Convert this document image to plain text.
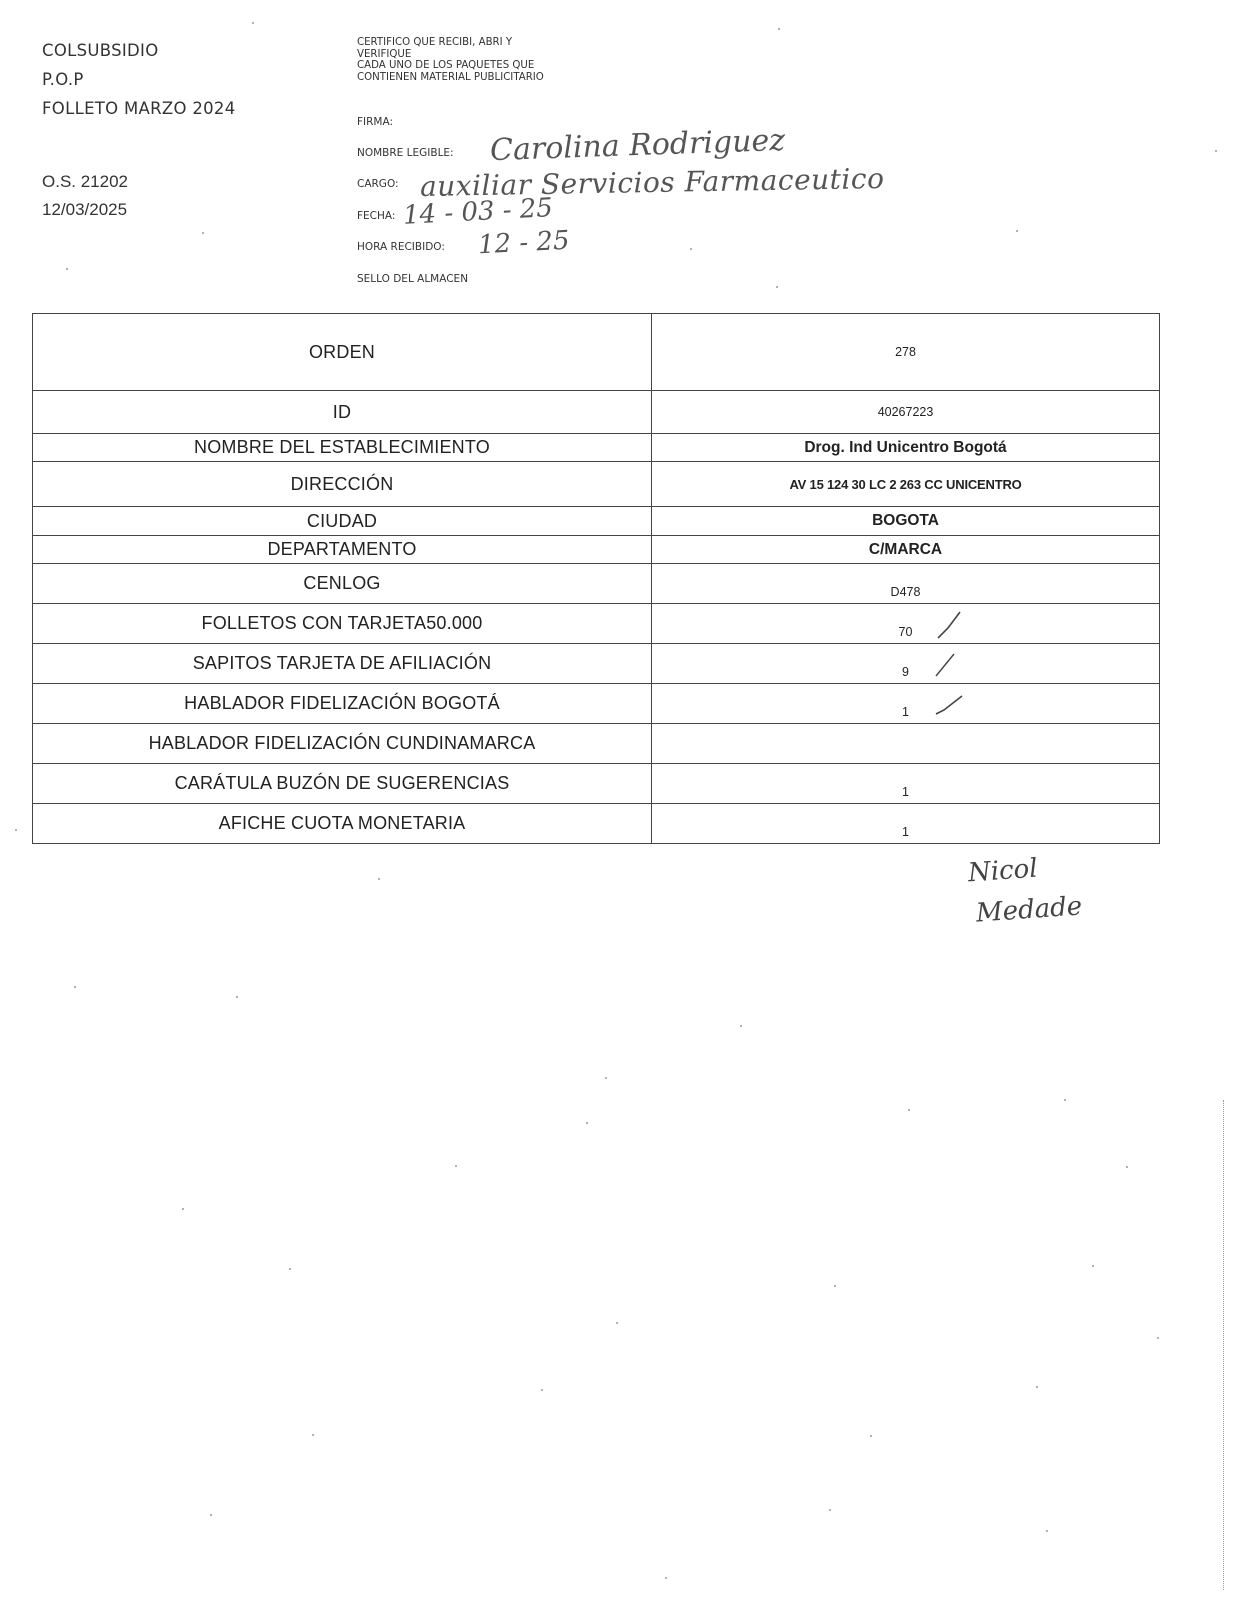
COLSUBSIDIO
P.O.P
FOLLETO MARZO 2024
O.S. 21202
12/03/2025
CERTIFICO QUE RECIBI, ABRI Y
VERIFIQUE
CADA UNO DE LOS PAQUETES QUE
CONTIENEN MATERIAL PUBLICITARIO
FIRMA:
NOMBRE LEGIBLE: Carolina Rodriguez
CARGO: auxiliar Servicios Farmaceutico
FECHA: 14 - 03 - 25
HORA RECIBIDO: 12 - 25
SELLO DEL ALMACEN
ORDEN	278
ID	40267223
NOMBRE DEL ESTABLECIMIENTO	Drog. Ind Unicentro Bogotá
DIRECCIÓN	AV 15 124 30 LC 2 263 CC UNICENTRO
CIUDAD	BOGOTA
DEPARTAMENTO	C/MARCA
CENLOG	D478
FOLLETOS CON TARJETA50.000	70

SAPITOS TARJETA DE AFILIACIÓN	9

HABLADOR FIDELIZACIÓN BOGOTÁ	1

HABLADOR FIDELIZACIÓN CUNDINAMARCA	
CARÁTULA BUZÓN DE SUGERENCIAS	1
AFICHE CUOTA MONETARIA	1
Nicol
Medade
